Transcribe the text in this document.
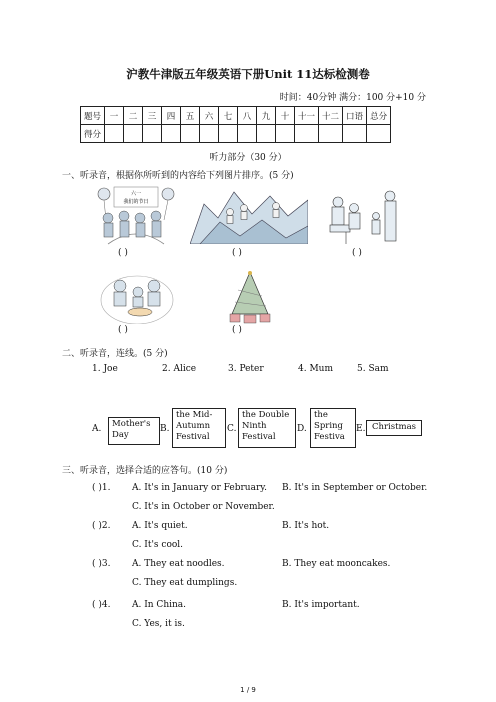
沪教牛津版五年级英语下册Unit 11达标检测卷
时间：40分钟 满分：100 分+10 分
题号	一	二	三	四	五	六	七	八	九	十	十一	十二	口语	总分
得分														
听力部分（30 分）
一、听录音，根据你所听到的内容给下列图片排序。(5 分)
六一
我们的节日
( )	( )	( )
( )	( )
二、听录音，连线。(5 分)
1. Joe	2. Alice	3. Peter	4. Mum	5. Sam
A.	Mother's Day
B.
the Mid-Autumn Festival
C.
the Double Ninth Festival
D.
the Spring Festiva
E. Christmas
三、听录音，选择合适的应答句。(10 分)
( )1. A. It's in January or February. B. It's in September or October.
C. It's in October or November.
( )2. A. It's quiet.	B. It's hot.
C. It's cool.
( )3. A. They eat noodles.	B. They eat mooncakes.
C. They eat dumplings.
( )4. A. In China.	B. It's important.
C. Yes, it is.
1 / 9
